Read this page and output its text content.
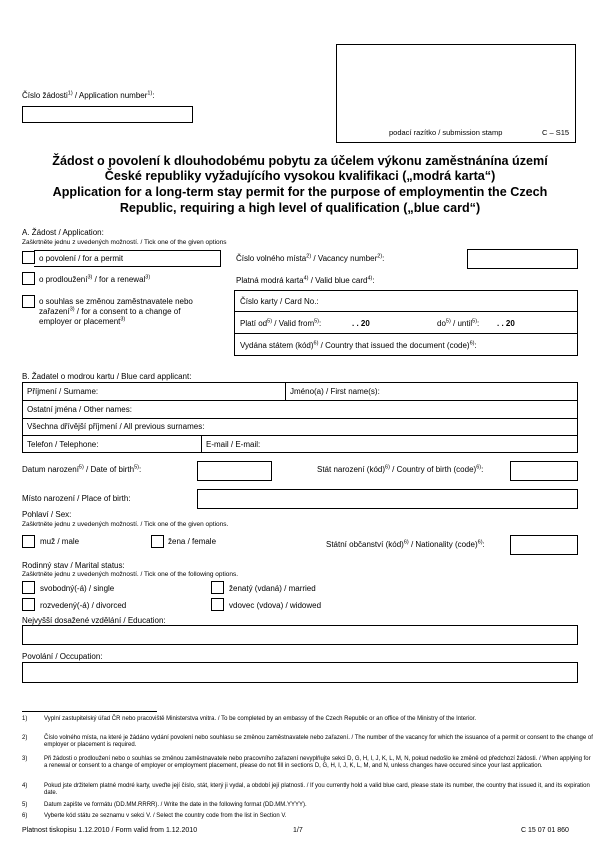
Číslo žádosti$^{1)}$ / Application number$^{1)}$:
podací razítko / submission stamp	C – S15
Žádost o povolení k dlouhodobému pobytu za účelem výkonu zaměstnánína území
České republiky vyžadujícího vysokou kvalifikaci („modrá karta“)
Application for a long-term stay permit for the purpose of employmentin the Czech
Republic, requiring a high level of qualification („blue card“)
A. Žádost / Application:
Zaškrtněte jednu z uvedených možností. / Tick one of the given options
o povolení / for a permit
o prodloužení$^{3)}$ / for a renewal$^{3)}$
o souhlas se změnou zaměstnavatele nebo
zařazení$^{3)}$ / for a consent to a change of
employer or placement$^{3)}$
Číslo volného místa$^{2)}$ / Vacancy number$^{2)}$:
Platná modrá karta$^{4)}$ / Valid blue card$^{4)}$:
Číslo karty / Card No.:
Platí $od^{5)}$ / Valid from$^{5)}$:	. . 20	$do^{5)}$ / until$^{5)}$: . . 20
Vydána státem (kód)$^{6)}$ / Country that issued the document (code)$^{6)}$:
B. Žadatel o modrou kartu / Blue card applicant:
Příjmení / Surname:	Jméno(a) / First name(s):
Ostatní jména / Other names:
Všechna dřívější příjmení / All previous surnames:
Telefon / Telephone:	E-mail / E-mail:
Datum narození$^{5)}$ / Date of birth$^{5)}$:	Stát narození (kód)$^{6)}$ / Country of birth (code)$^{6)}$:
Místo narození / Place of birth:
Pohlaví / Sex:
Zaškrtněte jednu z uvedených možností. / Tick one of the given options.
muž / male	žena / female	Státní občanství (kód)$^{6)}$ / Nationality (code)$^{6)}$:
Rodinný stav / Marital status:
Zaškrtněte jednu z uvedených možností. / Tick one of the following options.
svobodný(-á) / single	ženatý (vdaná) / married
rozvedený(-á) / divorced	vdovec (vdova) / widowed
Nejvyšší dosažené vzdělání / Education:
Povolání / Occupation:
1)	Vyplní zastupitelský úřad ČR nebo pracoviště Ministerstva vnitra. / To be completed by an embassy of the Czech Republic or an office of the Ministry of the Interior.
2)	Číslo volného místa, na které je žádáno vydání povolení nebo souhlasu se změnou zaměstnavatele nebo zařazení. / The number of the vacancy for which the issuance of a permit or consent to the change of employer or placement is required.
3)	Při žádosti o prodloužení nebo o souhlas se změnou zaměstnavatele nebo pracovního zařazení nevyplňujte sekci D, G, H, I, J, K, L, M, N, pokud nedošlo ke změně od předchozí žádosti. / When applying for a renewal or consent to a change of employer or employment placement, please do not fill in sections D, G, H, I, J, K, L, M, and N, unless changes have occured since your last application.
4)	Pokud jste držitelem platné modré karty, uveďte její číslo, stát, který ji vydal, a období její platnosti. / If you currently hold a valid blue card, please state its number, the country that issued it, and its expiration date.
5)	Datum zapište ve formátu (DD.MM.RRRR). / Write the date in the following format (DD.MM.YYYY).
6)	Vyberte kód státu ze seznamu v sekci V. / Select the country code from the list in Section V.
Platnost tiskopisu 1.12.2010 / Form valid from 1.12.2010	1/7	C 15 07 01 860
